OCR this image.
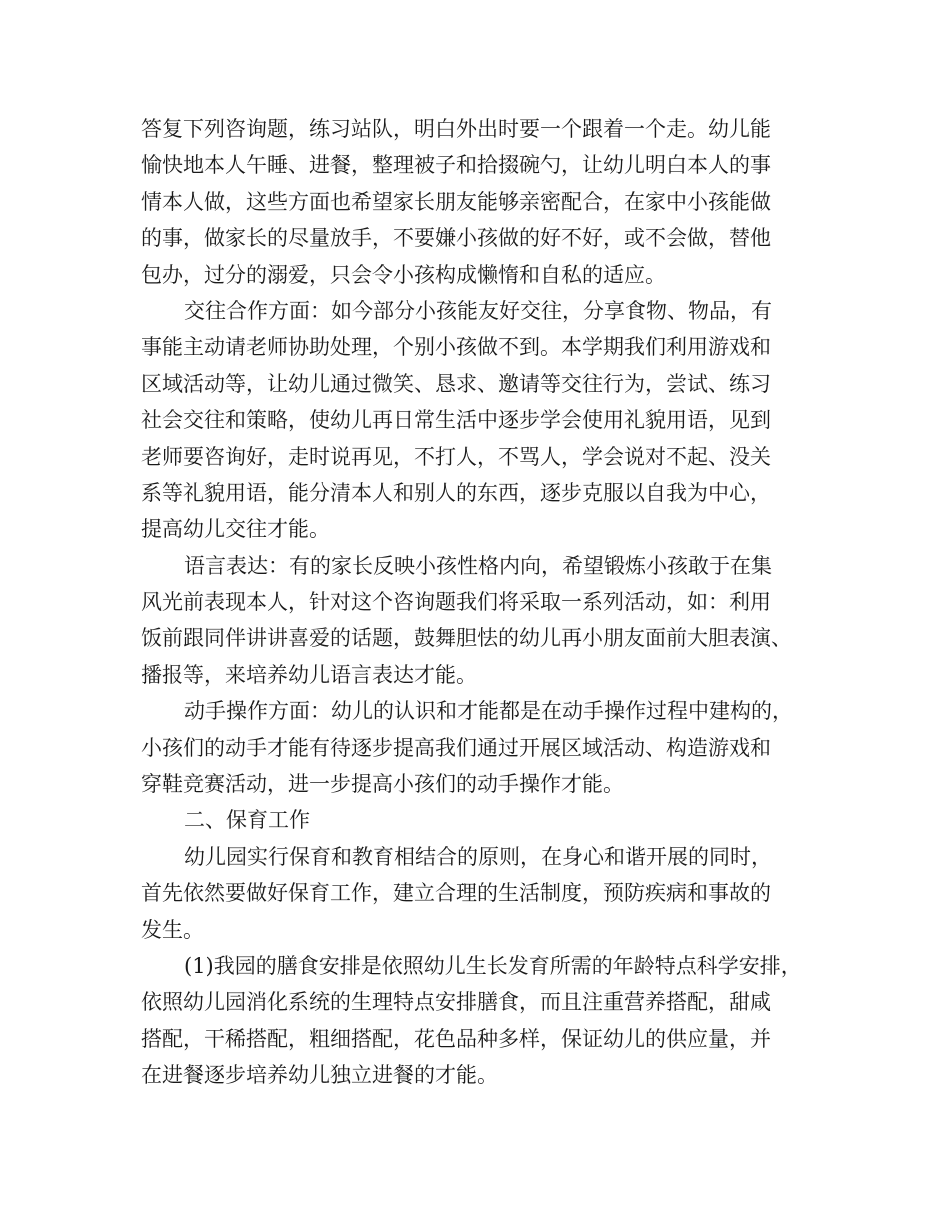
答复下列咨询题，练习站队，明白外出时要一个跟着一个走。幼儿能
愉快地本人午睡、进餐，整理被子和拾掇碗勺，让幼儿明白本人的事
情本人做，这些方面也希望家长朋友能够亲密配合，在家中小孩能做
的事，做家长的尽量放手，不要嫌小孩做的好不好，或不会做，替他
包办，过分的溺爱，只会令小孩构成懒惰和自私的适应。
交往合作方面：如今部分小孩能友好交往，分享食物、物品，有
事能主动请老师协助处理，个别小孩做不到。本学期我们利用游戏和
区域活动等，让幼儿通过微笑、恳求、邀请等交往行为，尝试、练习
社会交往和策略，使幼儿再日常生活中逐步学会使用礼貌用语，见到
老师要咨询好，走时说再见，不打人，不骂人，学会说对不起、没关
系等礼貌用语，能分清本人和别人的东西，逐步克服以自我为中心，
提高幼儿交往才能。
语言表达：有的家长反映小孩性格内向，希望锻炼小孩敢于在集
风光前表现本人，针对这个咨询题我们将采取一系列活动，如：利用
饭前跟同伴讲讲喜爱的话题，鼓舞胆怯的幼儿再小朋友面前大胆表演、
播报等，来培养幼儿语言表达才能。
动手操作方面：幼儿的认识和才能都是在动手操作过程中建构的，
小孩们的动手才能有待逐步提高我们通过开展区域活动、构造游戏和
穿鞋竞赛活动，进一步提高小孩们的动手操作才能。
二、保育工作
幼儿园实行保育和教育相结合的原则，在身心和谐开展的同时，
首先依然要做好保育工作，建立合理的生活制度，预防疾病和事故的
发生。
(1)我园的膳食安排是依照幼儿生长发育所需的年龄特点科学安排，
依照幼儿园消化系统的生理特点安排膳食，而且注重营养搭配，甜咸
搭配，干稀搭配，粗细搭配，花色品种多样，保证幼儿的供应量，并
在进餐逐步培养幼儿独立进餐的才能。
